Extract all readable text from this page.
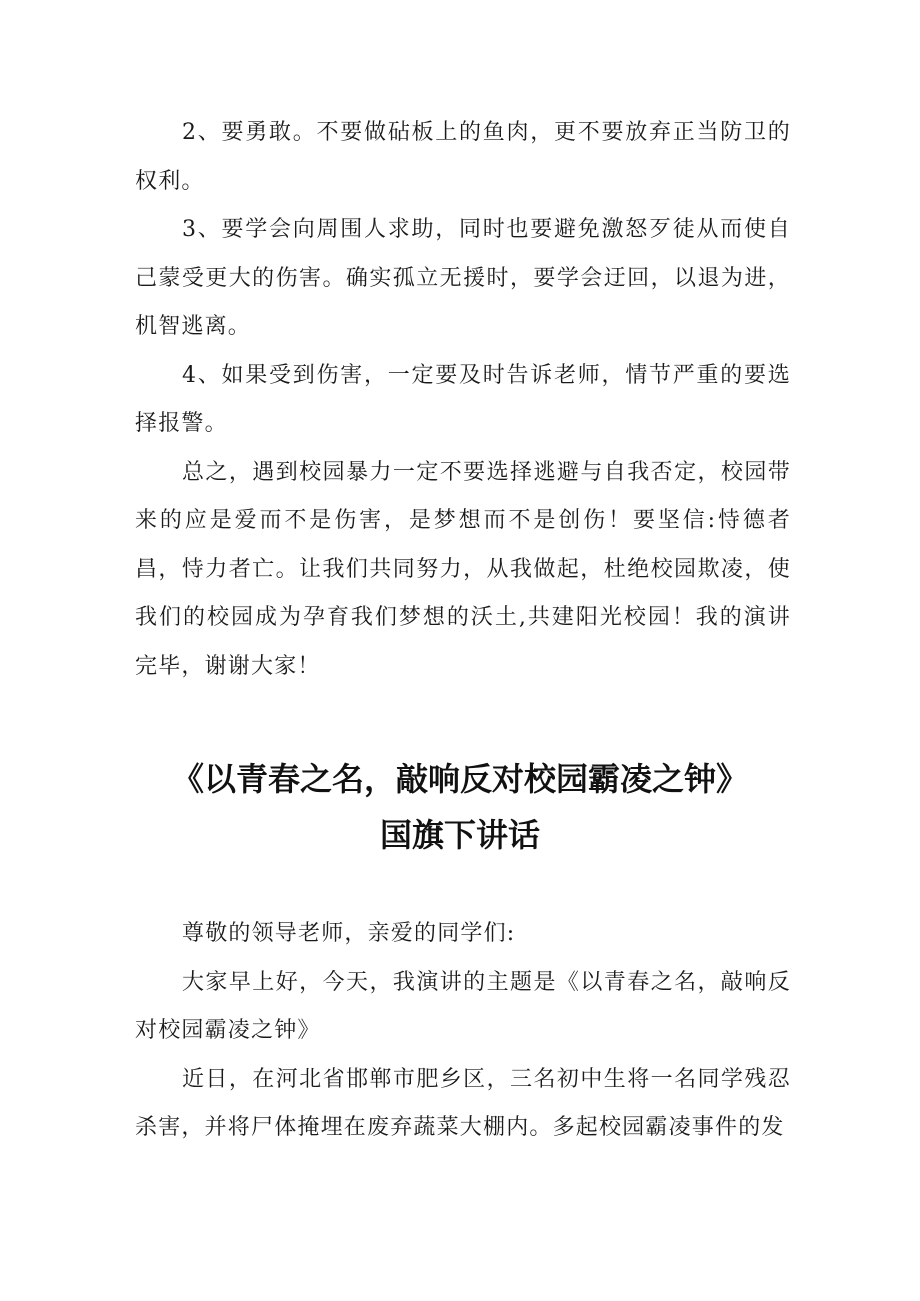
2、要勇敢。不要做砧板上的鱼肉，更不要放弃正当防卫的权利。

3、要学会向周围人求助，同时也要避免激怒歹徒从而使自己蒙受更大的伤害。确实孤立无援时，要学会迂回，以退为进，机智逃离。

4、如果受到伤害，一定要及时告诉老师，情节严重的要选择报警。

总之，遇到校园暴力一定不要选择逃避与自我否定，校园带来的应是爱而不是伤害，是梦想而不是创伤！要坚信:恃德者昌，恃力者亡。让我们共同努力，从我做起，杜绝校园欺凌，使我们的校园成为孕育我们梦想的沃土,共建阳光校园！我的演讲完毕，谢谢大家！

《以青春之名，敲响反对校园霸凌之钟》
国旗下讲话

尊敬的领导老师，亲爱的同学们:

大家早上好，今天，我演讲的主题是《以青春之名，敲响反对校园霸凌之钟》

近日，在河北省邯郸市肥乡区，三名初中生将一名同学残忍杀害，并将尸体掩埋在废弃蔬菜大棚内。多起校园霸凌事件的发
